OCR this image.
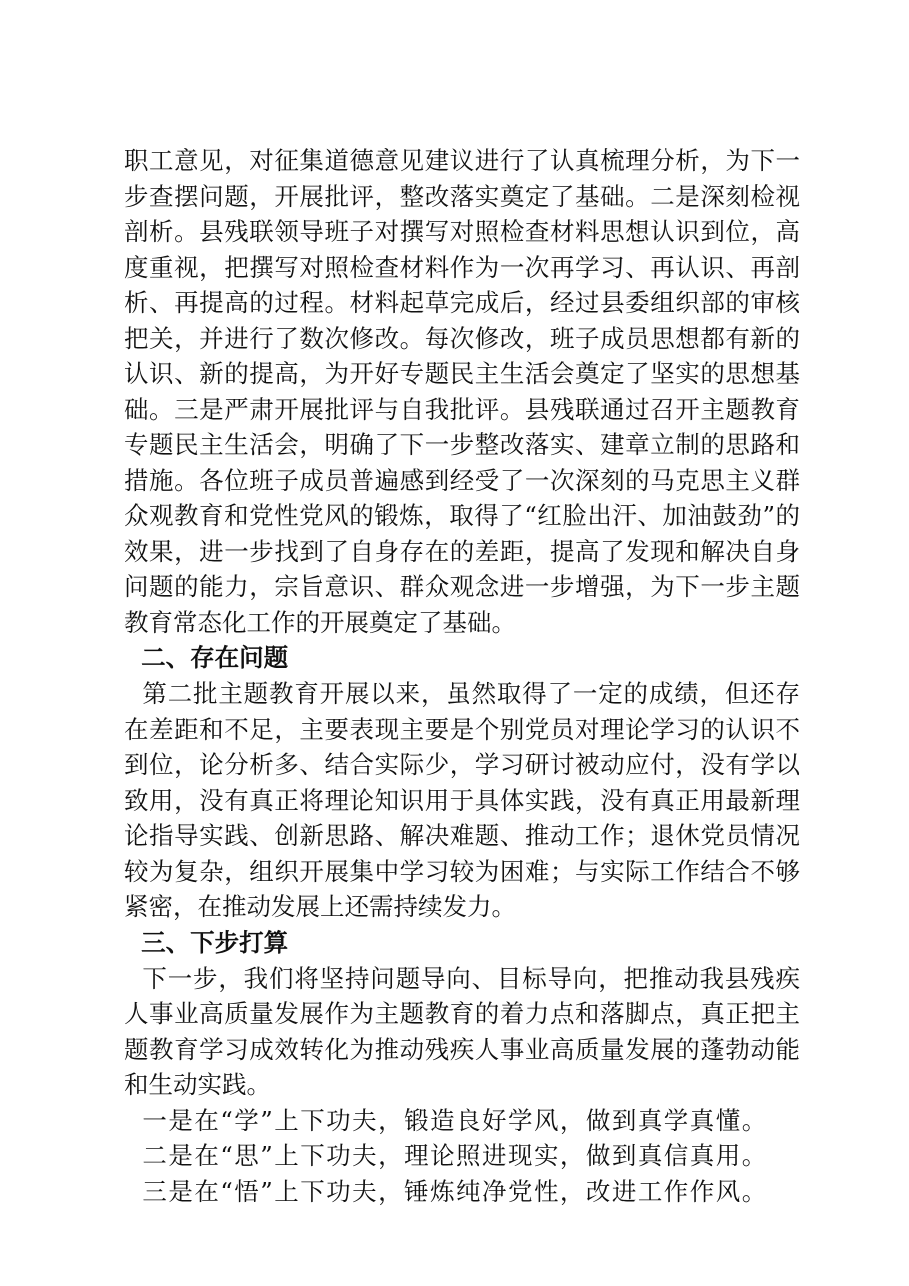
职工意见，对征集道德意见建议进行了认真梳理分析，为下一步查摆问题，开展批评，整改落实奠定了基础。二是深刻检视剖析。县残联领导班子对撰写对照检查材料思想认识到位，高度重视，把撰写对照检查材料作为一次再学习、再认识、再剖析、再提高的过程。材料起草完成后，经过县委组织部的审核把关，并进行了数次修改。每次修改，班子成员思想都有新的认识、新的提高，为开好专题民主生活会奠定了坚实的思想基础。三是严肃开展批评与自我批评。县残联通过召开主题教育专题民主生活会，明确了下一步整改落实、建章立制的思路和措施。各位班子成员普遍感到经受了一次深刻的马克思主义群众观教育和党性党风的锻炼，取得了“红脸出汗、加油鼓劲”的效果，进一步找到了自身存在的差距，提高了发现和解决自身问题的能力，宗旨意识、群众观念进一步增强，为下一步主题教育常态化工作的开展奠定了基础。

二、存在问题

第二批主题教育开展以来，虽然取得了一定的成绩，但还存在差距和不足，主要表现主要是个别党员对理论学习的认识不到位，论分析多、结合实际少，学习研讨被动应付，没有学以致用，没有真正将理论知识用于具体实践，没有真正用最新理论指导实践、创新思路、解决难题、推动工作；退休党员情况较为复杂，组织开展集中学习较为困难；与实际工作结合不够紧密，在推动发展上还需持续发力。

三、下步打算

下一步，我们将坚持问题导向、目标导向，把推动我县残疾人事业高质量发展作为主题教育的着力点和落脚点，真正把主题教育学习成效转化为推动残疾人事业高质量发展的蓬勃动能和生动实践。

一是在“学”上下功夫，锻造良好学风，做到真学真懂。

二是在“思”上下功夫，理论照进现实，做到真信真用。

三是在“悟”上下功夫，锤炼纯净党性，改进工作作风。
